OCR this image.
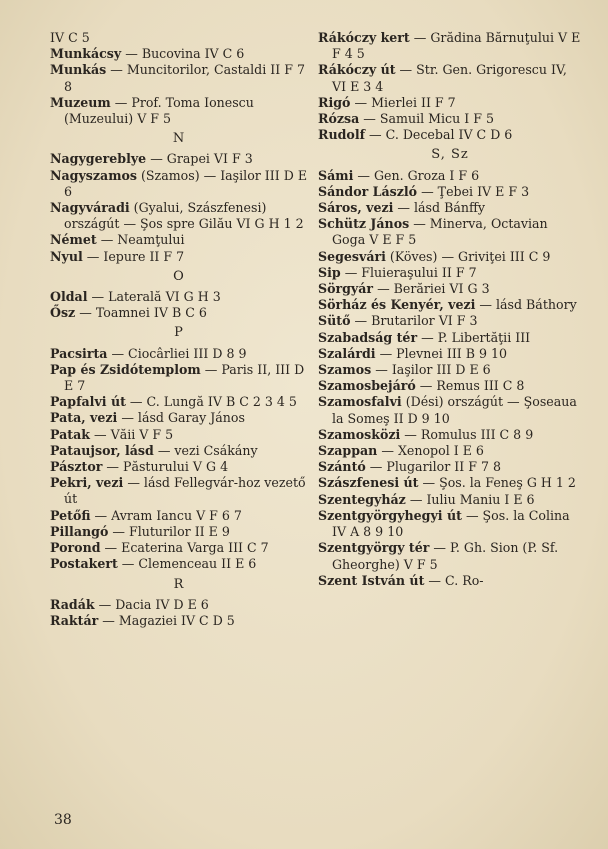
IV C 5

Munkácsy — Bucovina IV C 6

Munkás — Muncitorilor, Castaldi II F 7 8

Muzeum — Prof. Toma Ionescu (Muzeului) V F 5

N

Nagygereblye — Grapei VI F 3

Nagyszamos (Szamos) — Iaşilor III D E 6

Nagyváradi (Gyalui, Szászfenesi) országút — Şos spre Gilău VI G H 1 2

Német — Neamţului

Nyul — Iepure II F 7

O

Oldal — Laterală VI G H 3

Ősz — Toamnei IV B C 6

P

Pacsirta — Ciocârliei III D 8 9

Pap és Zsidótemplom — Paris II, III D E 7

Papfalvi út — C. Lungă IV B C 2 3 4 5

Pata, vezi — lásd Garay János

Patak — Văii V F 5

Pataujsor, lásd — vezi Csákány

Pásztor — Păsturului V G 4

Pekri, vezi — lásd Fellegvár-hoz vezető út

Petőfi — Avram Iancu V F 6 7

Pillangó — Fluturilor II E 9

Porond — Ecaterina Varga III C 7

Postakert — Clemenceau II E 6

R

Radák — Dacia IV D E 6

Raktár — Magaziei IV C D 5

Rákóczy kert — Grădina Bărnuţului V E F 4 5

Rákóczy út — Str. Gen. Grigorescu IV, VI E 3 4

Rigó — Mierlei II F 7

Rózsa — Samuil Micu I F 5

Rudolf — C. Decebal IV C D 6

S, Sz

Sámi — Gen. Groza I F 6

Sándor László — Ţebei IV E F 3

Sáros, vezi — lásd Bánffy

Schütz János — Minerva, Octavian Goga V E F 5

Segesvári (Köves) — Griviţei III C 9

Sip — Fluieraşului II F 7

Sörgyár — Berăriei VI G 3

Sörház és Kenyér, vezi — lásd Báthory

Sütő — Brutarilor VI F 3

Szabadság tér — P. Libertăţii III

Szalárdi — Plevnei III B 9 10

Szamos — Iaşilor III D E 6

Szamosbejáró — Remus III C 8

Szamosfalvi (Dési) országút — Şoseaua la Someş II D 9 10

Szamosközi — Romulus III C 8 9

Szappan — Xenopol I E 6

Szántó — Plugarilor II F 7 8

Szászfenesi út — Şos. la Feneş G H 1 2

Szentegyház — Iuliu Maniu I E 6

Szentgyörgyhegyi út — Şos. la Colina IV A 8 9 10

Szentgyörgy tér — P. Gh. Sion (P. Sf. Gheorghe) V F 5

Szent István út — C. Ro-

38
